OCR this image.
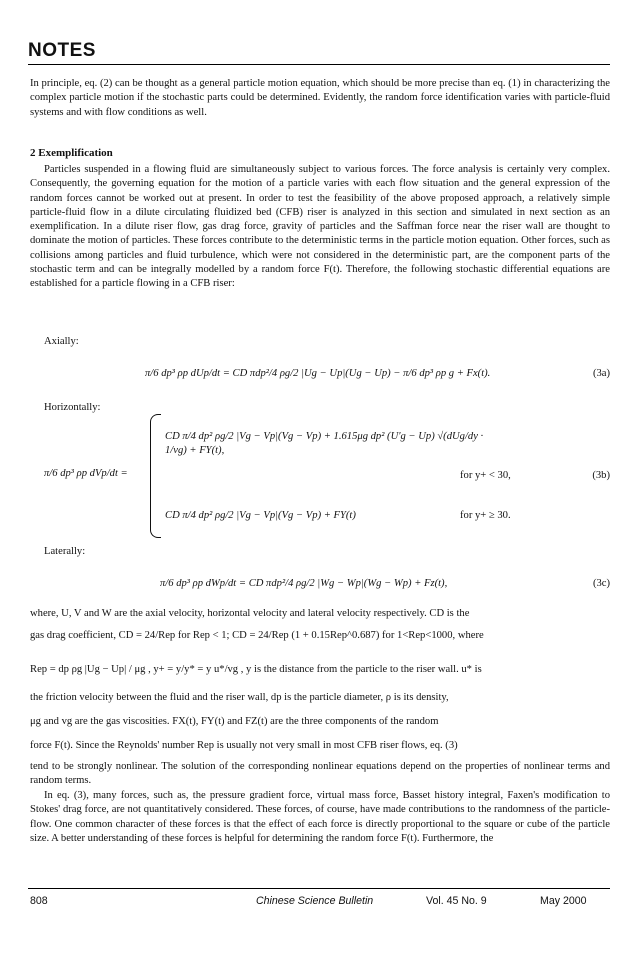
NOTES
In principle, eq. (2) can be thought as a general particle motion equation, which should be more precise than eq. (1) in characterizing the complex particle motion if the stochastic parts could be determined. Evidently, the random force identification varies with particle-fluid systems and with flow conditions as well.
2 Exemplification
Particles suspended in a flowing fluid are simultaneously subject to various forces. The force analysis is certainly very complex. Consequently, the governing equation for the motion of a particle varies with each flow situation and the general expression of the random forces cannot be worked out at present. In order to test the feasibility of the above proposed approach, a relatively simple particle-fluid flow in a dilute circulating fluidized bed (CFB) riser is analyzed in this section and simulated in next section as an exemplification. In a dilute riser flow, gas drag force, gravity of particles and the Saffman force near the riser wall are thought to dominate the motion of particles. These forces contribute to the deterministic terms in the particle motion equation. Other forces, such as collisions among particles and fluid turbulence, which were not considered in the deterministic part, are the component parts of the stochastic term and can be integrally modelled by a random force F(t). Therefore, the following stochastic differential equations are established for a particle flowing in a CFB riser:
Axially:
π/6 dp³ ρp dUp/dt = CD πdp²/4 ρg/2 |Ug − Up|(Ug − Up) − π/6 dp³ ρp g + Fx(t).	(3a)
Horizontally:
π/6 dp³ ρp dVp/dt =
CD π/4 dp² ρg/2 |Vg − Vp|(Vg − Vp) + 1.615μg dp² (U'g − Up) √(dUg/dy · 1/vg) + FY(t),
for y+ < 30,	(3b)
CD π/4 dp² ρg/2 |Vg − Vp|(Vg − Vp) + FY(t)	for y+ ≥ 30.
Laterally:
π/6 dp³ ρp dWp/dt = CD πdp²/4 ρg/2 |Wg − Wp|(Wg − Wp) + Fz(t),	(3c)
where, U, V and W are the axial velocity, horizontal velocity and lateral velocity respectively. CD is the
gas drag coefficient, CD = 24/Rep for Rep < 1; CD = 24/Rep (1 + 0.15Rep^0.687) for 1<Rep<1000, where
Rep = dp ρg |Ug − Up| / μg , y+ = y/y* = y u*/vg , y is the distance from the particle to the riser wall. u* is
the friction velocity between the fluid and the riser wall, dp is the particle diameter, ρ is its density,
μg and vg are the gas viscosities. FX(t), FY(t) and FZ(t) are the three components of the random
force F(t). Since the Reynolds' number Rep is usually not very small in most CFB riser flows, eq. (3)
tend to be strongly nonlinear. The solution of the corresponding nonlinear equations depend on the properties of nonlinear terms and random terms.
In eq. (3), many forces, such as, the pressure gradient force, virtual mass force, Basset history integral, Faxen's modification to Stokes' drag force, are not quantitatively considered. These forces, of course, have made contributions to the randomness of the particle-flow. One common character of these forces is that the effect of each force is directly proportional to the square or cube of the particle size. A better understanding of these forces is helpful for determining the random force F(t). Furthermore, the
808	Chinese Science Bulletin	Vol. 45 No. 9	May 2000
